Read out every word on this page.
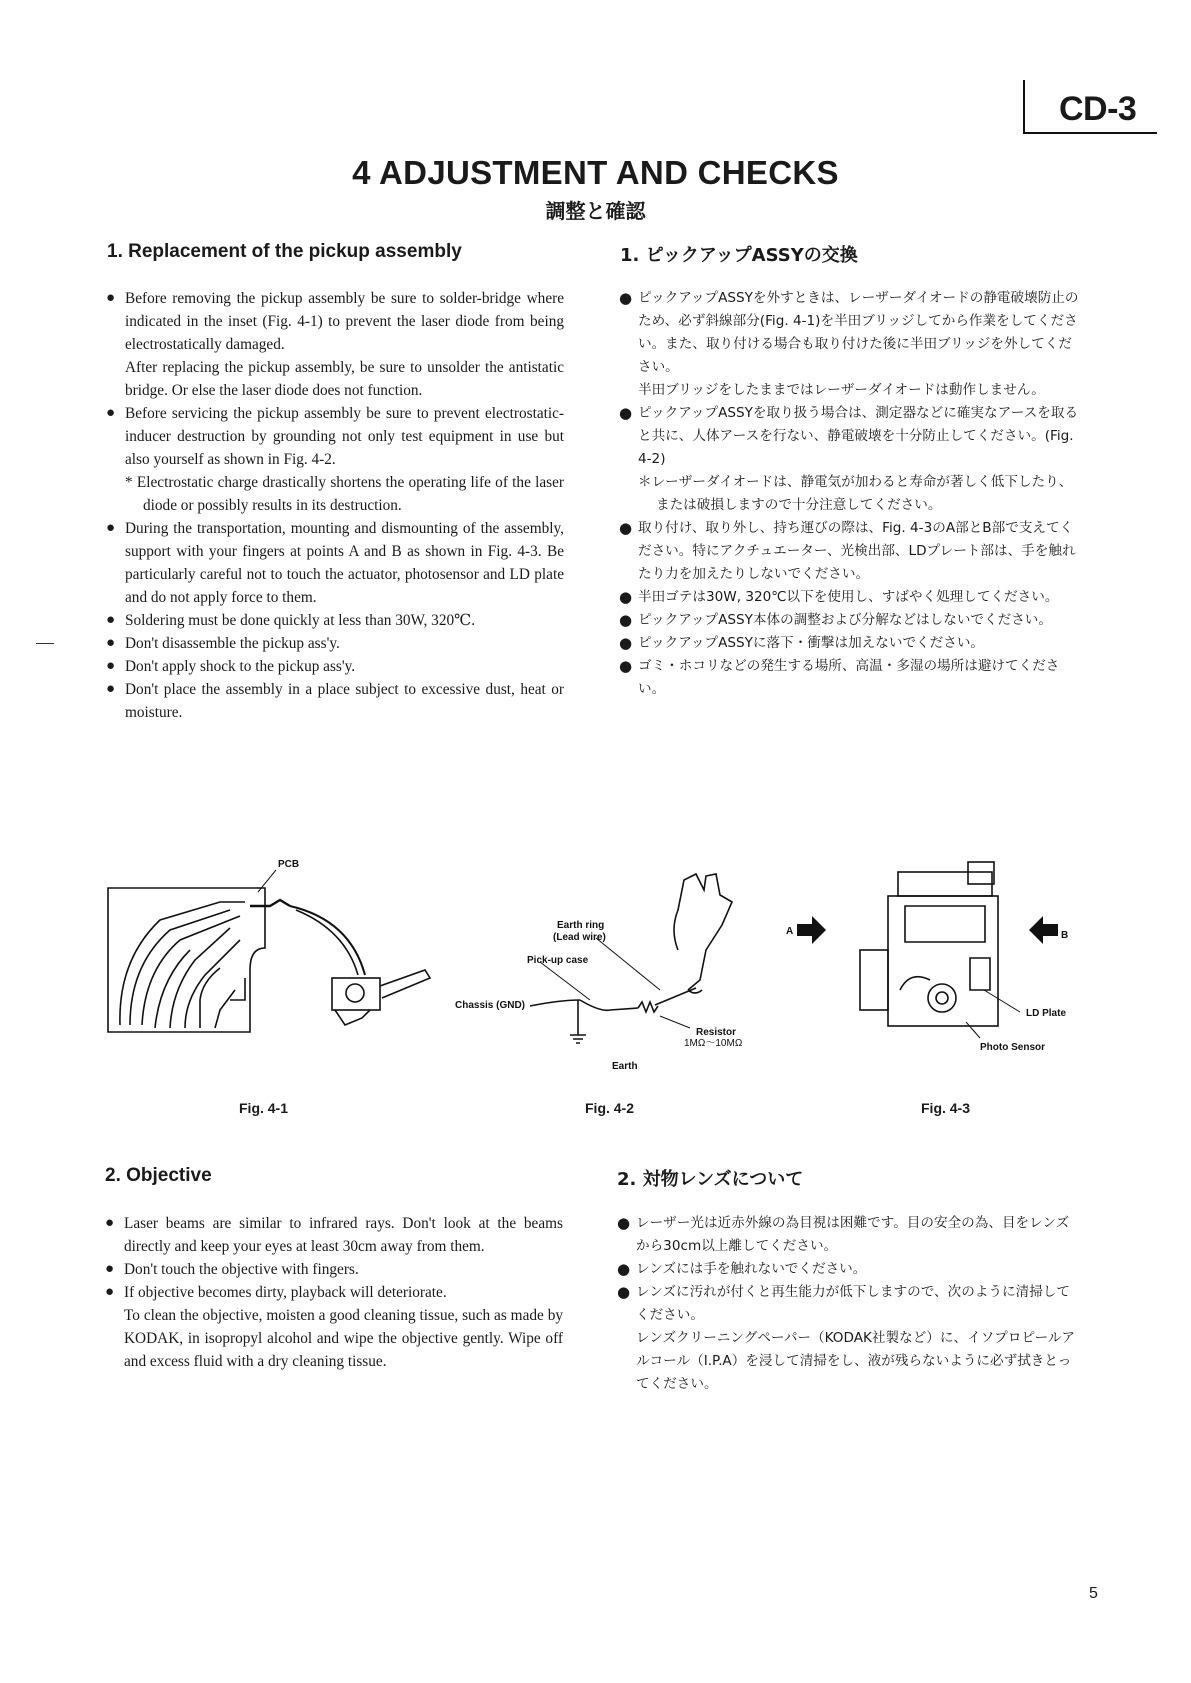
CD-3
4 ADJUSTMENT AND CHECKS
調整と確認
1. Replacement of the pickup assembly	1. ピックアップASSYの交換
● Before removing the pickup assembly be sure to solder-bridge where indicated in the inset (Fig. 4-1) to prevent the laser diode from being electrostatically damaged.
After replacing the pickup assembly, be sure to unsolder the antistatic bridge. Or else the laser diode does not function.
● Before servicing the pickup assembly be sure to prevent electrostatic-inducer destruction by grounding not only test equipment in use but also yourself as shown in Fig. 4-2.
* Electrostatic charge drastically shortens the operating life of the laser diode or possibly results in its destruction.
● During the transportation, mounting and dismounting of the assembly, support with your fingers at points A and B as shown in Fig. 4-3. Be particularly careful not to touch the actuator, photosensor and LD plate and do not apply force to them.
● Soldering must be done quickly at less than 30W, 320℃.
● Don't disassemble the pickup ass'y.
● Don't apply shock to the pickup ass'y.
● Don't place the assembly in a place subject to excessive dust, heat or moisture.
● ピックアップASSYを外すときは、レーザーダイオードの静電破壊防止のため、必ず斜線部分(Fig. 4-1)を半田ブリッジしてから作業をしてください。また、取り付ける場合も取り付けた後に半田ブリッジを外してください。
半田ブリッジをしたままではレーザーダイオードは動作しません。
● ピックアップASSYを取り扱う場合は、測定器などに確実なアースを取ると共に、人体アースを行ない、静電破壊を十分防止してください。(Fig. 4-2)
＊レーザーダイオードは、静電気が加わると寿命が著しく低下したり、または破損しますので十分注意してください。
● 取り付け、取り外し、持ち運びの際は、Fig. 4-3のA部とB部で支えてください。特にアクチュエーター、光検出部、LDプレート部は、手を触れたり力を加えたりしないでください。
● 半田ゴテは30W, 320℃以下を使用し、すばやく処理してください。
● ピックアップASSY本体の調整および分解などはしないでください。
● ピックアップASSYに落下・衝撃は加えないでください。
● ゴミ・ホコリなどの発生する場所、高温・多湿の場所は避けてください。
PCB
Earth ring
(Lead wire)
Pick-up case
Chassis (GND)
Resistor
1MΩ～10MΩ
Earth
A	B
LD Plate
Photo Sensor
Fig. 4-1	Fig. 4-2	Fig. 4-3
2. Objective	2. 対物レンズについて
● Laser beams are similar to infrared rays. Don't look at the beams directly and keep your eyes at least 30cm away from them.
● Don't touch the objective with fingers.
● If objective becomes dirty, playback will deteriorate.
To clean the objective, moisten a good cleaning tissue, such as made by KODAK, in isopropyl alcohol and wipe the objective gently. Wipe off and excess fluid with a dry cleaning tissue.
● レーザー光は近赤外線の為目視は困難です。目の安全の為、目をレンズから30cm以上離してください。
● レンズには手を触れないでください。
● レンズに汚れが付くと再生能力が低下しますので、次のように清掃してください。
レンズクリーニングペーパー（KODAK社製など）に、イソプロピールアルコール（I.P.A）を浸して清掃をし、液が残らないように必ず拭きとってください。
5
